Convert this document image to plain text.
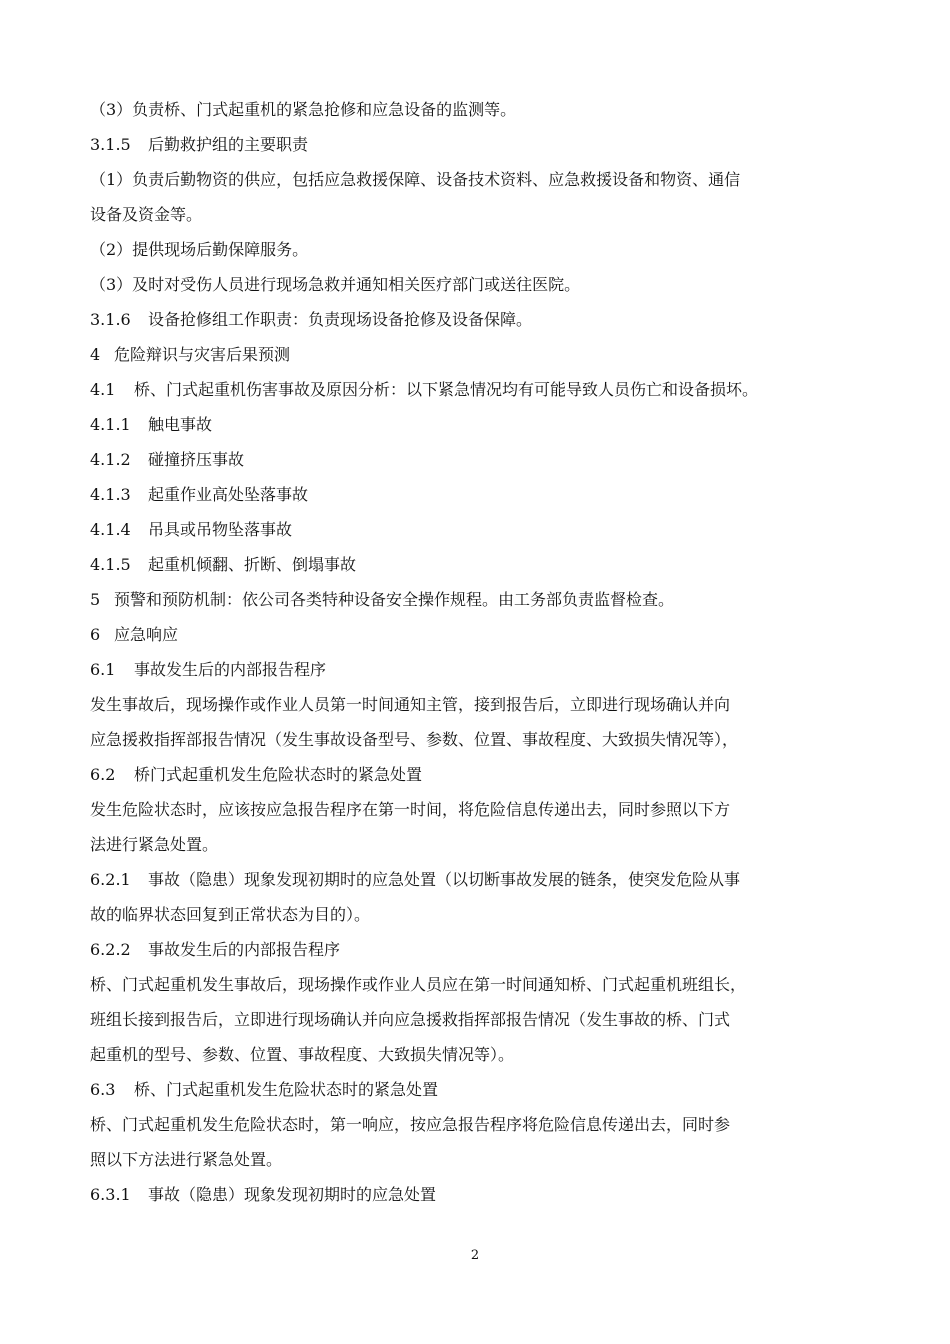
（3）负责桥、门式起重机的紧急抢修和应急设备的监测等。
3.1.5 后勤救护组的主要职责
（1）负责后勤物资的供应，包括应急救援保障、设备技术资料、应急救援设备和物资、通信
设备及资金等。
（2）提供现场后勤保障服务。
（3）及时对受伤人员进行现场急救并通知相关医疗部门或送往医院。
3.1.6 设备抢修组工作职责：负责现场设备抢修及设备保障。
4 危险辩识与灾害后果预测
4.1 桥、门式起重机伤害事故及原因分析：以下紧急情况均有可能导致人员伤亡和设备损坏。
4.1.1 触电事故
4.1.2 碰撞挤压事故
4.1.3 起重作业高处坠落事故
4.1.4 吊具或吊物坠落事故
4.1.5 起重机倾翻、折断、倒塌事故
5 预警和预防机制：依公司各类特种设备安全操作规程。由工务部负责监督检查。
6 应急响应
6.1 事故发生后的内部报告程序
发生事故后，现场操作或作业人员第一时间通知主管，接到报告后，立即进行现场确认并向
应急援救指挥部报告情况（发生事故设备型号、参数、位置、事故程度、大致损失情况等），
6.2 桥门式起重机发生危险状态时的紧急处置
发生危险状态时，应该按应急报告程序在第一时间，将危险信息传递出去，同时参照以下方
法进行紧急处置。
6.2.1 事故（隐患）现象发现初期时的应急处置（以切断事故发展的链条，使突发危险从事
故的临界状态回复到正常状态为目的）。
6.2.2 事故发生后的内部报告程序
桥、门式起重机发生事故后，现场操作或作业人员应在第一时间通知桥、门式起重机班组长，
班组长接到报告后，立即进行现场确认并向应急援救指挥部报告情况（发生事故的桥、门式
起重机的型号、参数、位置、事故程度、大致损失情况等）。
6.3 桥、门式起重机发生危险状态时的紧急处置
桥、门式起重机发生危险状态时，第一响应，按应急报告程序将危险信息传递出去，同时参
照以下方法进行紧急处置。
6.3.1 事故（隐患）现象发现初期时的应急处置
2
